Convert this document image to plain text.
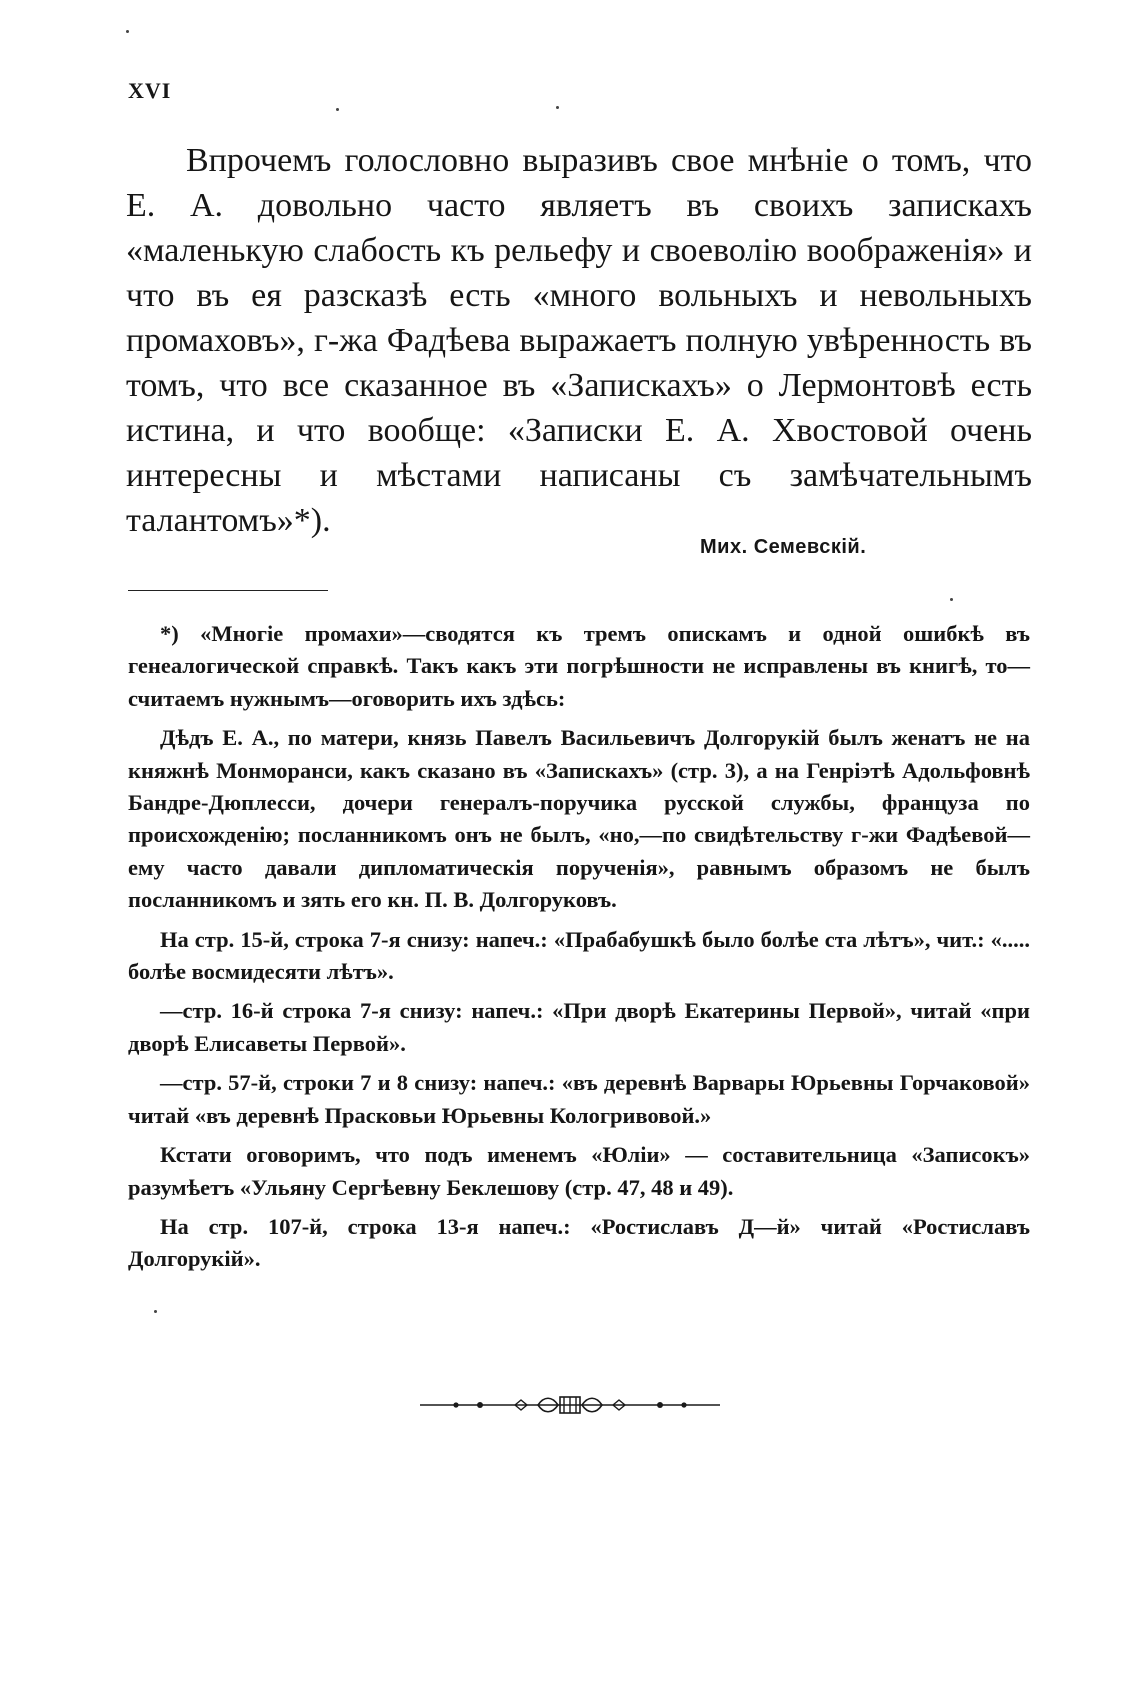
XVI

Впрочемъ голословно выразивъ свое мнѣніе о томъ, что Е. А. довольно часто являетъ въ своихъ запискахъ «маленькую слабость къ рельефу и своеволію воображенія» и что въ ея разсказѣ есть «много вольныхъ и невольныхъ промаховъ», г-жа Фадѣева выражаетъ полную увѣренность въ томъ, что все сказанное въ «Запискахъ» о Лермонтовѣ есть истина, и что вообще: «Записки Е. А. Хвостовой очень интересны и мѣстами написаны съ замѣчательнымъ талантомъ»*).

Мих. Семевскій.

*) «Многіе промахи»—сводятся къ тремъ опискамъ и одной ошибкѣ въ генеалогической справкѣ. Такъ какъ эти погрѣшности не исправлены въ книгѣ, то—считаемъ нужнымъ—оговорить ихъ здѣсь:

Дѣдъ Е. А., по матери, князь Павелъ Васильевичъ Долгорукій былъ женатъ не на княжнѣ Монморанси, какъ сказано въ «Запискахъ» (стр. 3), а на Генріэтѣ Адольфовнѣ Бандре-Дюплесси, дочери генералъ-поручика русской службы, француза по происхожденію; посланникомъ онъ не былъ, «но,—по свидѣтельству г-жи Фадѣевой—ему часто давали дипломатическія порученія», равнымъ образомъ не былъ посланникомъ и зять его кн. П. В. Долгоруковъ.

На стр. 15-й, строка 7-я снизу: напеч.: «Прабабушкѣ было болѣе ста лѣтъ», чит.: «..... болѣе восмидесяти лѣтъ».

—стр. 16-й строка 7-я снизу: напеч.: «При дворѣ Екатерины Первой», читай «при дворѣ Елисаветы Первой».

—стр. 57-й, строки 7 и 8 снизу: напеч.: «въ деревнѣ Варвары Юрьевны Горчаковой» читай «въ деревнѣ Прасковьи Юрьевны Кологривовой.»

Кстати оговоримъ, что подъ именемъ «Юліи» — составительница «Записокъ» разумѣетъ «Ульяну Сергѣевну Беклешову (стр. 47, 48 и 49).

На стр. 107-й, строка 13-я напеч.: «Ростиславъ Д—й» читай «Ростиславъ Долгорукій».
